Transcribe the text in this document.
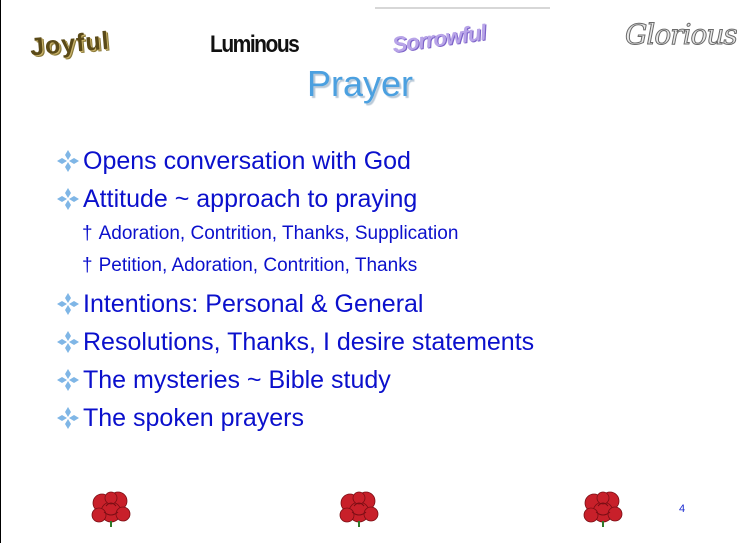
Joyful	Luminous	Sorrowful	Glorious
Prayer
Opens conversation with God
Attitude ~ approach to praying
† Adoration, Contrition, Thanks, Supplication
† Petition, Adoration, Contrition, Thanks
Intentions: Personal & General
Resolutions, Thanks, I desire statements
The mysteries ~ Bible study
The spoken prayers
4
